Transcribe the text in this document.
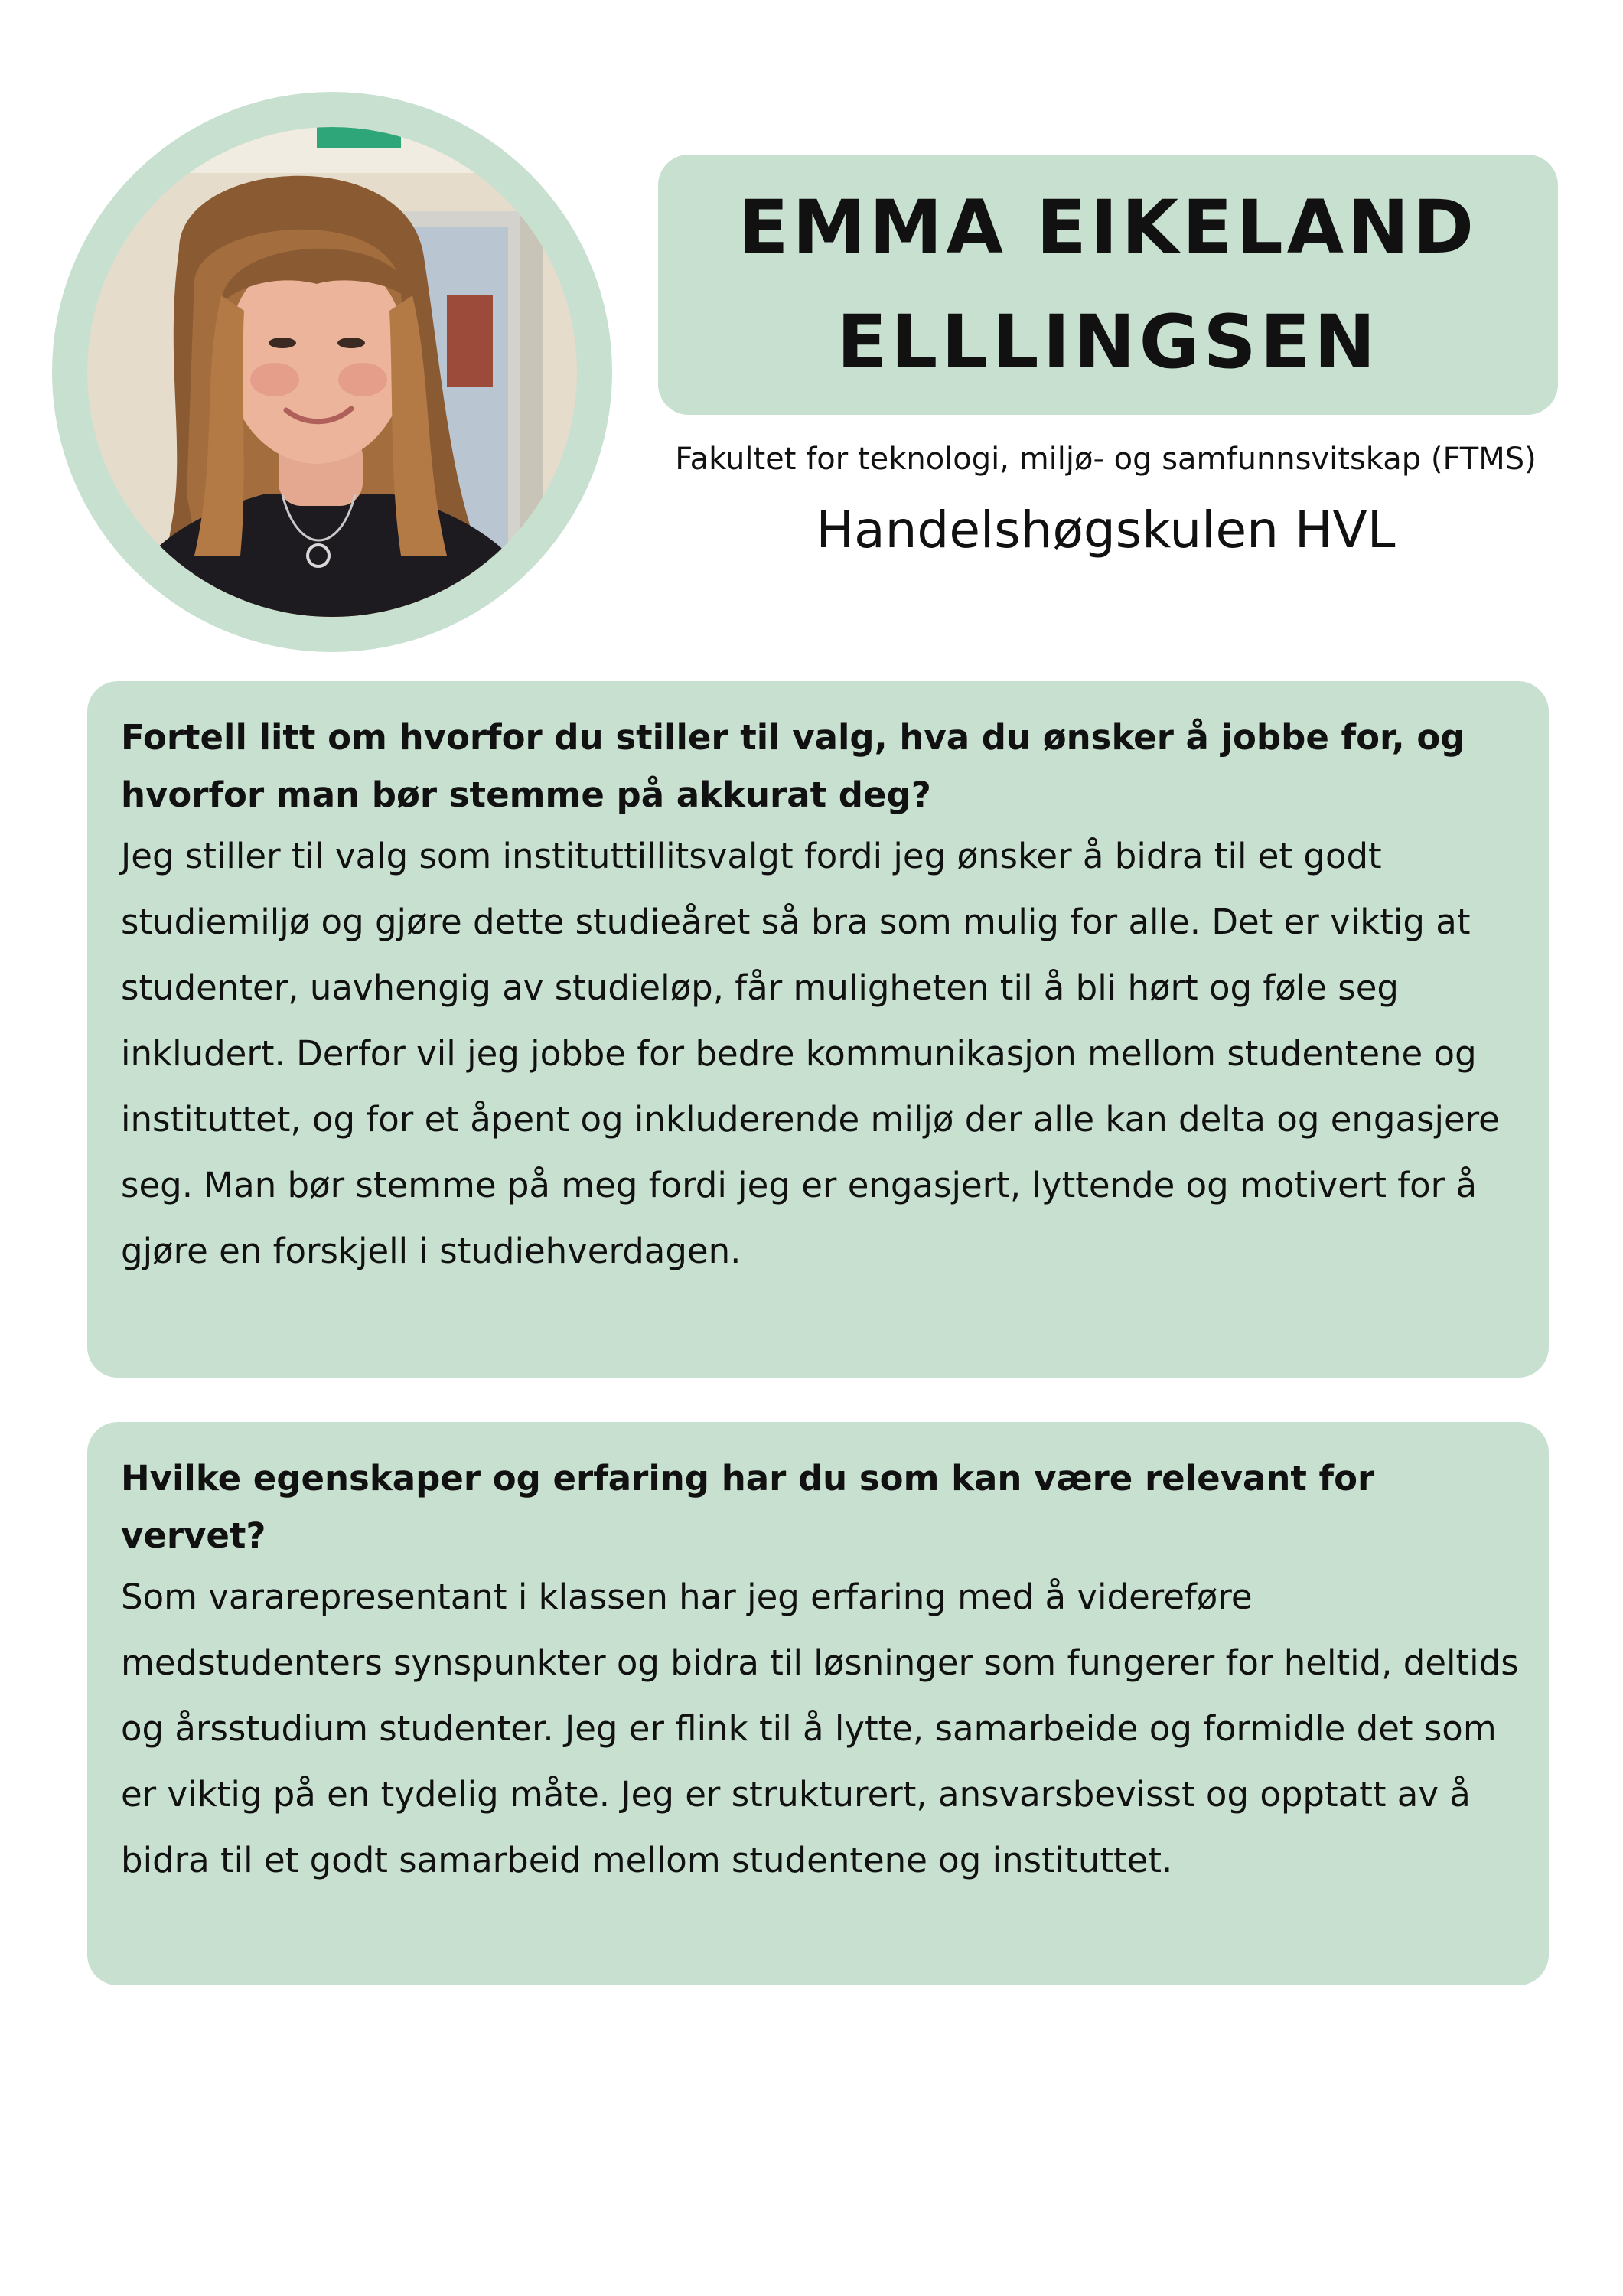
EMMA EIKELAND ELLLINGSEN
Fakultet for teknologi, miljø- og samfunnsvitskap (FTMS)
Handelshøgskulen HVL

Fortell litt om hvorfor du stiller til valg, hva du ønsker å jobbe for, og hvorfor man bør stemme på akkurat deg?

Jeg stiller til valg som instituttillitsvalgt fordi jeg ønsker å bidra til et godt studiemiljø og gjøre dette studieåret så bra som mulig for alle. Det er viktig at studenter, uavhengig av studieløp, får muligheten til å bli hørt og føle seg inkludert. Derfor vil jeg jobbe for bedre kommunikasjon mellom studentene og instituttet, og for et åpent og inkluderende miljø der alle kan delta og engasjere seg. Man bør stemme på meg fordi jeg er engasjert, lyttende og motivert for å gjøre en forskjell i studiehverdagen.

Hvilke egenskaper og erfaring har du som kan være relevant for vervet?

Som vararepresentant i klassen har jeg erfaring med å videreføre medstudenters synspunkter og bidra til løsninger som fungerer for heltid, deltids og årsstudium studenter. Jeg er flink til å lytte, samarbeide og formidle det som er viktig på en tydelig måte. Jeg er strukturert, ansvarsbevisst og opptatt av å bidra til et godt samarbeid mellom studentene og instituttet.
